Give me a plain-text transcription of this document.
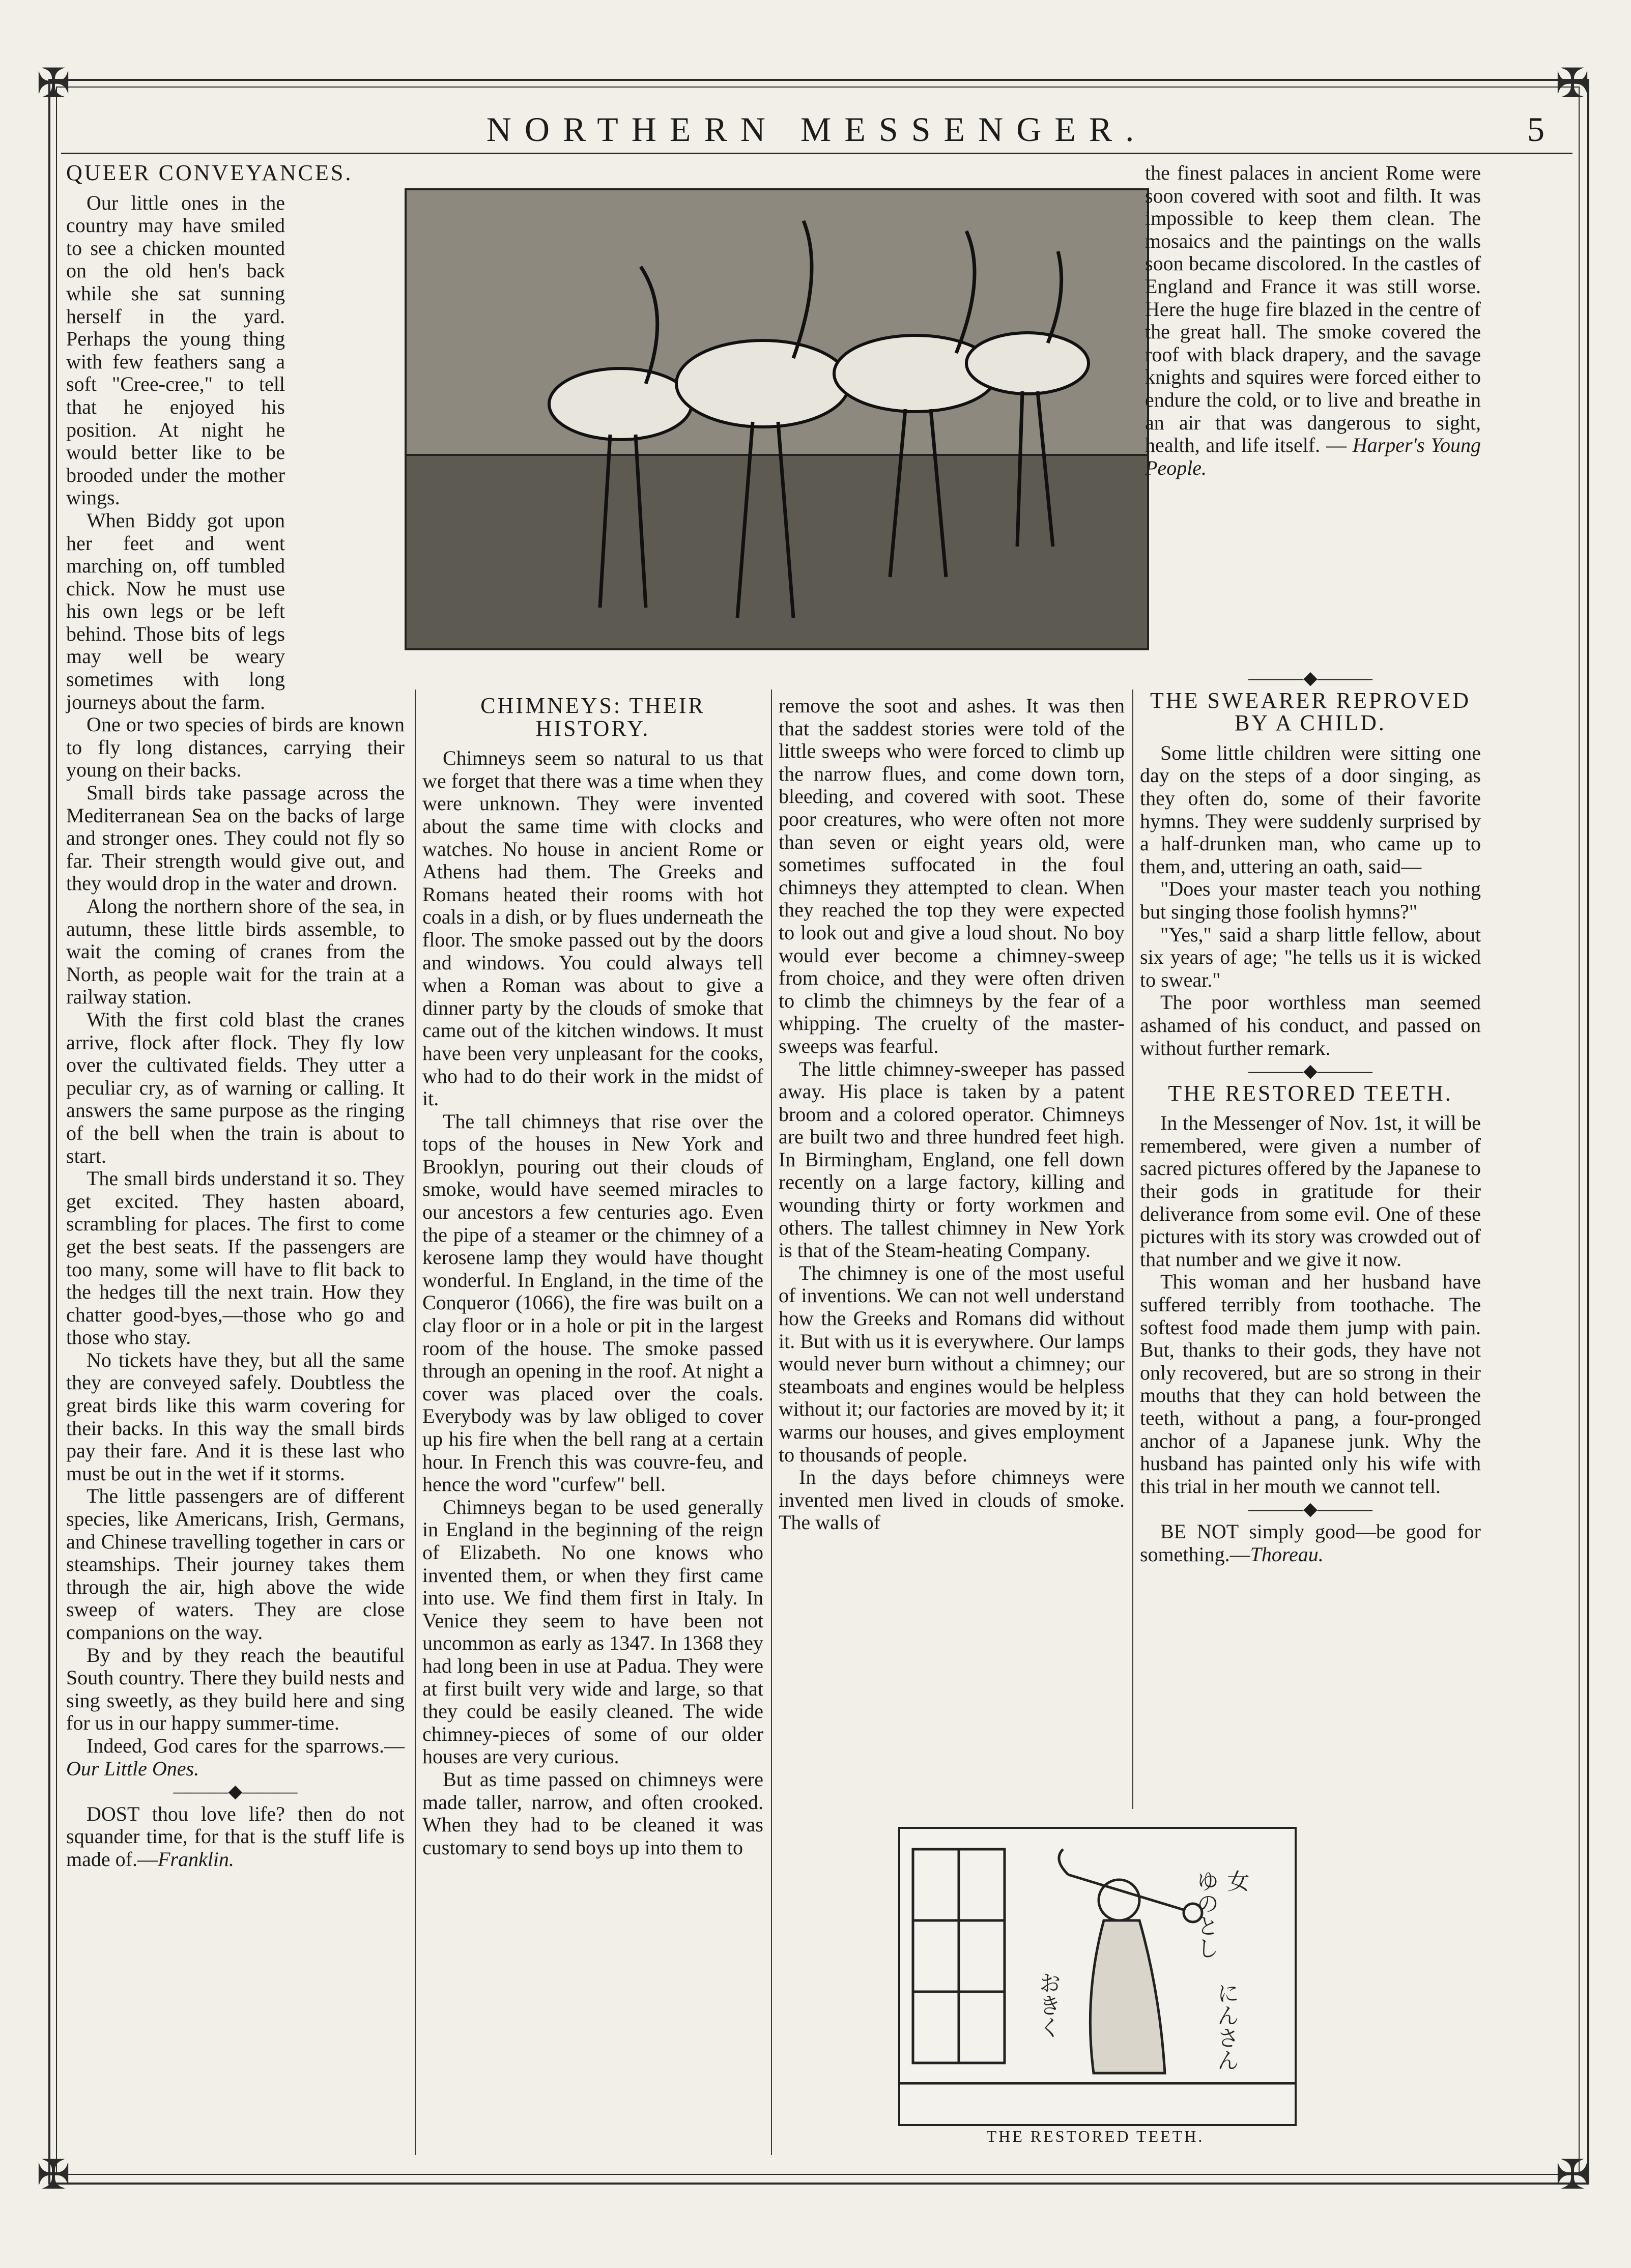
✠	✠
✠	✠
NORTHERN MESSENGER.	5

QUEER CONVEYANCES.

Our little ones in the country may have smiled to see a chicken mounted on the old hen's back while she sat sunning herself in the yard. Perhaps the young thing with few feathers sang a soft "Cree-cree," to tell that he enjoyed his position. At night he would better like to be brooded under the mother wings.

When Biddy got upon her feet and went marching on, off tumbled chick. Now he must use his own legs or be left behind. Those bits of legs may well be weary sometimes with long journeys about the farm.

One or two species of birds are known to fly long distances, carrying their young on their backs.

Small birds take passage across the Mediterranean Sea on the backs of large and stronger ones. They could not fly so far. Their strength would give out, and they would drop in the water and drown.

Along the northern shore of the sea, in autumn, these little birds assemble, to wait the coming of cranes from the North, as people wait for the train at a railway station.

With the first cold blast the cranes arrive, flock after flock. They fly low over the cultivated fields. They utter a peculiar cry, as of warning or calling. It answers the same purpose as the ringing of the bell when the train is about to start.

The small birds understand it so. They get excited. They hasten aboard, scrambling for places. The first to come get the best seats. If the passengers are too many, some will have to flit back to the hedges till the next train. How they chatter good-byes,—those who go and those who stay.

No tickets have they, but all the same they are conveyed safely. Doubtless the great birds like this warm covering for their backs. In this way the small birds pay their fare. And it is these last who must be out in the wet if it storms.

The little passengers are of different species, like Americans, Irish, Germans, and Chinese travelling together in cars or steamships. Their journey takes them through the air, high above the wide sweep of waters. They are close companions on the way.

By and by they reach the beautiful South country. There they build nests and sing sweetly, as they build here and sing for us in our happy summer-time.

Indeed, God cares for the sparrows.—Our Little Ones.

———◆———

DOST thou love life? then do not squander time, for that is the stuff life is made of.—Franklin.

CHIMNEYS: THEIR HISTORY.

Chimneys seem so natural to us that we forget that there was a time when they were unknown. They were invented about the same time with clocks and watches. No house in ancient Rome or Athens had them. The Greeks and Romans heated their rooms with hot coals in a dish, or by flues underneath the floor. The smoke passed out by the doors and windows. You could always tell when a Roman was about to give a dinner party by the clouds of smoke that came out of the kitchen windows. It must have been very unpleasant for the cooks, who had to do their work in the midst of it.

The tall chimneys that rise over the tops of the houses in New York and Brooklyn, pouring out their clouds of smoke, would have seemed miracles to our ancestors a few centuries ago. Even the pipe of a steamer or the chimney of a kerosene lamp they would have thought wonderful. In England, in the time of the Conqueror (1066), the fire was built on a clay floor or in a hole or pit in the largest room of the house. The smoke passed through an opening in the roof. At night a cover was placed over the coals. Everybody was by law obliged to cover up his fire when the bell rang at a certain hour. In French this was couvre-feu, and hence the word "curfew" bell.

Chimneys began to be used generally in England in the beginning of the reign of Elizabeth. No one knows who invented them, or when they first came into use. We find them first in Italy. In Venice they seem to have been not uncommon as early as 1347. In 1368 they had long been in use at Padua. They were at first built very wide and large, so that they could be easily cleaned. The wide chimney-pieces of some of our older houses are very curious.

But as time passed on chimneys were made taller, narrow, and often crooked. When they had to be cleaned it was customary to send boys up into them to

remove the soot and ashes. It was then that the saddest stories were told of the little sweeps who were forced to climb up the narrow flues, and come down torn, bleeding, and covered with soot. These poor creatures, who were often not more than seven or eight years old, were sometimes suffocated in the foul chimneys they attempted to clean. When they reached the top they were expected to look out and give a loud shout. No boy would ever become a chimney-sweep from choice, and they were often driven to climb the chimneys by the fear of a whipping. The cruelty of the master-sweeps was fearful.

The little chimney-sweeper has passed away. His place is taken by a patent broom and a colored operator. Chimneys are built two and three hundred feet high. In Birmingham, England, one fell down recently on a large factory, killing and wounding thirty or forty workmen and others. The tallest chimney in New York is that of the Steam-heating Company.

The chimney is one of the most useful of inventions. We can not well understand how the Greeks and Romans did without it. But with us it is everywhere. Our lamps would never burn without a chimney; our steamboats and engines would be helpless without it; our factories are moved by it; it warms our houses, and gives employment to thousands of people.

In the days before chimneys were invented men lived in clouds of smoke. The walls of

the finest palaces in ancient Rome were soon covered with soot and filth. It was impossible to keep them clean. The mosaics and the paintings on the walls soon became discolored. In the castles of England and France it was still worse. Here the huge fire blazed in the centre of the great hall. The smoke covered the roof with black drapery, and the savage knights and squires were forced either to endure the cold, or to live and breathe in an air that was dangerous to sight, health, and life itself. — Harper's Young People.

———◆———

THE SWEARER REPROVED BY A CHILD.

Some little children were sitting one day on the steps of a door singing, as they often do, some of their favorite hymns. They were suddenly surprised by a half-drunken man, who came up to them, and, uttering an oath, said—

"Does your master teach you nothing but singing those foolish hymns?"

"Yes," said a sharp little fellow, about six years of age; "he tells us it is wicked to swear."

The poor worthless man seemed ashamed of his conduct, and passed on without further remark.

———◆———

THE RESTORED TEETH.

In the Messenger of Nov. 1st, it will be remembered, were given a number of sacred pictures offered by the Japanese to their gods in gratitude for their deliverance from some evil. One of these pictures with its story was crowded out of that number and we give it now.

This woman and her husband have suffered terribly from toothache. The softest food made them jump with pain. But, thanks to their gods, they have not only recovered, but are so strong in their mouths that they can hold between the teeth, without a pang, a four-pronged anchor of a Japanese junk. Why the husband has painted only his wife with this trial in her mouth we cannot tell.

———◆———

BE NOT simply good—be good for something.—Thoreau.

ゆのとし 女
おきく	にんさん
THE RESTORED TEETH.
